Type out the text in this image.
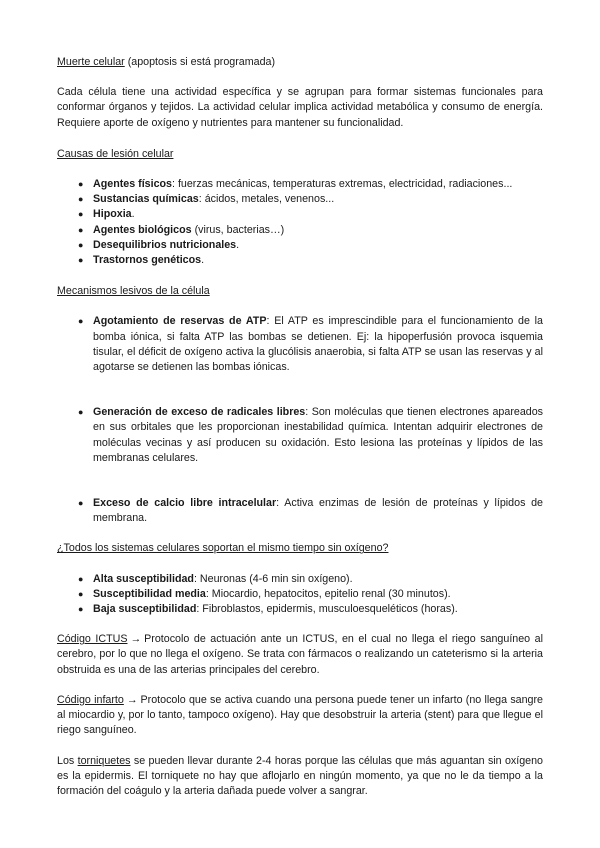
Muerte celular (apoptosis si está programada)

Cada célula tiene una actividad específica y se agrupan para formar sistemas funcionales para conformar órganos y tejidos. La actividad celular implica actividad metabólica y consumo de energía. Requiere aporte de oxígeno y nutrientes para mantener su funcionalidad.

Causas de lesión celular
● Agentes físicos: fuerzas mecánicas, temperaturas extremas, electricidad, radiaciones...
● Sustancias químicas: ácidos, metales, venenos...
● Hipoxia.
● Agentes biológicos (virus, bacterias…)
● Desequilibrios nutricionales.
● Trastornos genéticos.
Mecanismos lesivos de la célula
● Agotamiento de reservas de ATP: El ATP es imprescindible para el funcionamiento de la bomba iónica, si falta ATP las bombas se detienen. Ej: la hipoperfusión provoca isquemia tisular, el déficit de oxígeno activa la glucólisis anaerobia, si falta ATP se usan las reservas y al agotarse se detienen las bombas iónicas.
● Generación de exceso de radicales libres: Son moléculas que tienen electrones apareados en sus orbitales que les proporcionan inestabilidad química. Intentan adquirir electrones de moléculas vecinas y así producen su oxidación. Esto lesiona las proteínas y lípidos de las membranas celulares.
● Exceso de calcio libre intracelular: Activa enzimas de lesión de proteínas y lípidos de membrana.
¿Todos los sistemas celulares soportan el mismo tiempo sin oxígeno?
● Alta susceptibilidad: Neuronas (4-6 min sin oxígeno).
● Susceptibilidad media: Miocardio, hepatocitos, epitelio renal (30 minutos).
● Baja susceptibilidad: Fibroblastos, epidermis, musculoesqueléticos (horas).

Código ICTUS → Protocolo de actuación ante un ICTUS, en el cual no llega el riego sanguíneo al cerebro, por lo que no llega el oxígeno. Se trata con fármacos o realizando un cateterismo si la arteria obstruida es una de las arterias principales del cerebro.

Código infarto → Protocolo que se activa cuando una persona puede tener un infarto (no llega sangre al miocardio y, por lo tanto, tampoco oxígeno). Hay que desobstruir la arteria (stent) para que llegue el riego sanguíneo.

Los torniquetes se pueden llevar durante 2-4 horas porque las células que más aguantan sin oxígeno es la epidermis. El torniquete no hay que aflojarlo en ningún momento, ya que no le da tiempo a la formación del coágulo y la arteria dañada puede volver a sangrar.
